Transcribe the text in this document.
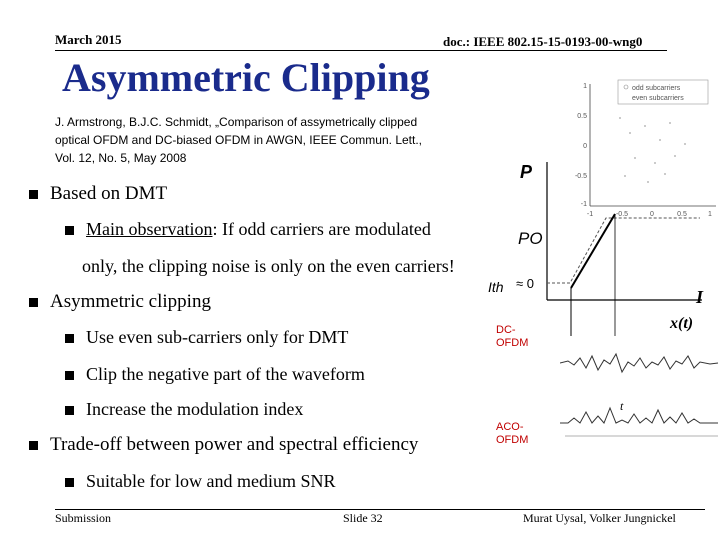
March 2015	doc.: IEEE 802.15-15-0193-00-wng0
Asymmetric Clipping
J. Armstrong, B.J.C. Schmidt, „Comparison of assymetrically clipped
optical OFDM and DC-biased OFDM in AWGN, IEEE Commun. Lett.,
Vol. 12, No. 5, May 2008
odd subcarriers
even subcarriers
1
0.5
0
-0.5
-1
-1	-0.5	0	0.5	1
P
PO
Ith ≈ 0
I
x(t)
t
DC-
OFDM
ACO-
OFDM
Based on DMT
Main observation: If odd carriers are modulated
only, the clipping noise is only on the even carriers!
Asymmetric clipping
Use even sub-carriers only for DMT
Clip the negative part of the waveform
Increase the modulation index
Trade-off between power and spectral efficiency
Suitable for low and medium SNR
Submission	Slide 32	Murat Uysal, Volker Jungnickel
